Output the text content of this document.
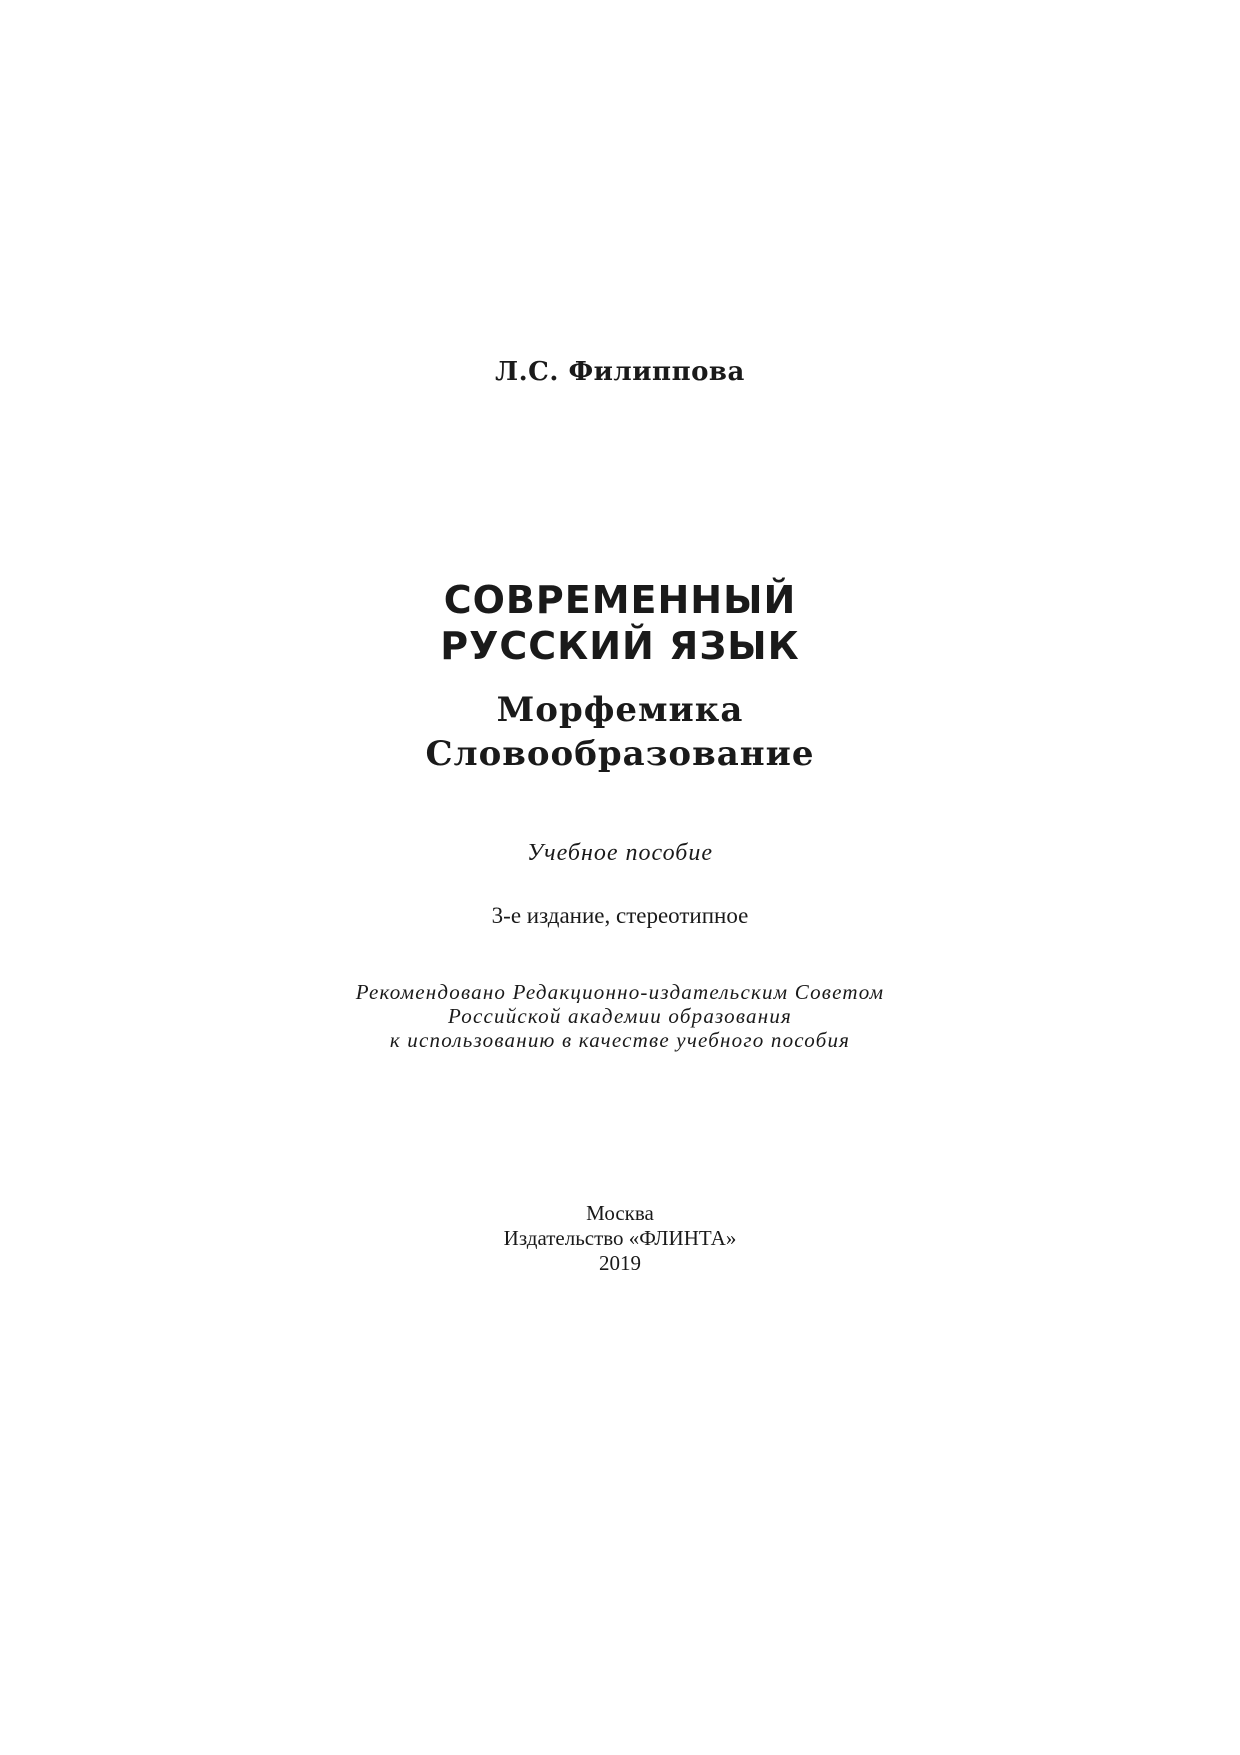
Л.С. Филиппова
СОВРЕМЕННЫЙ
РУССКИЙ ЯЗЫК
Морфемика
Словообразование
Учебное пособие
3-е издание, стереотипное
Рекомендовано Редакционно-издательским Советом
Российской академии образования
к использованию в качестве учебного пособия
Москва
Издательство «ФЛИНТА»
2019
